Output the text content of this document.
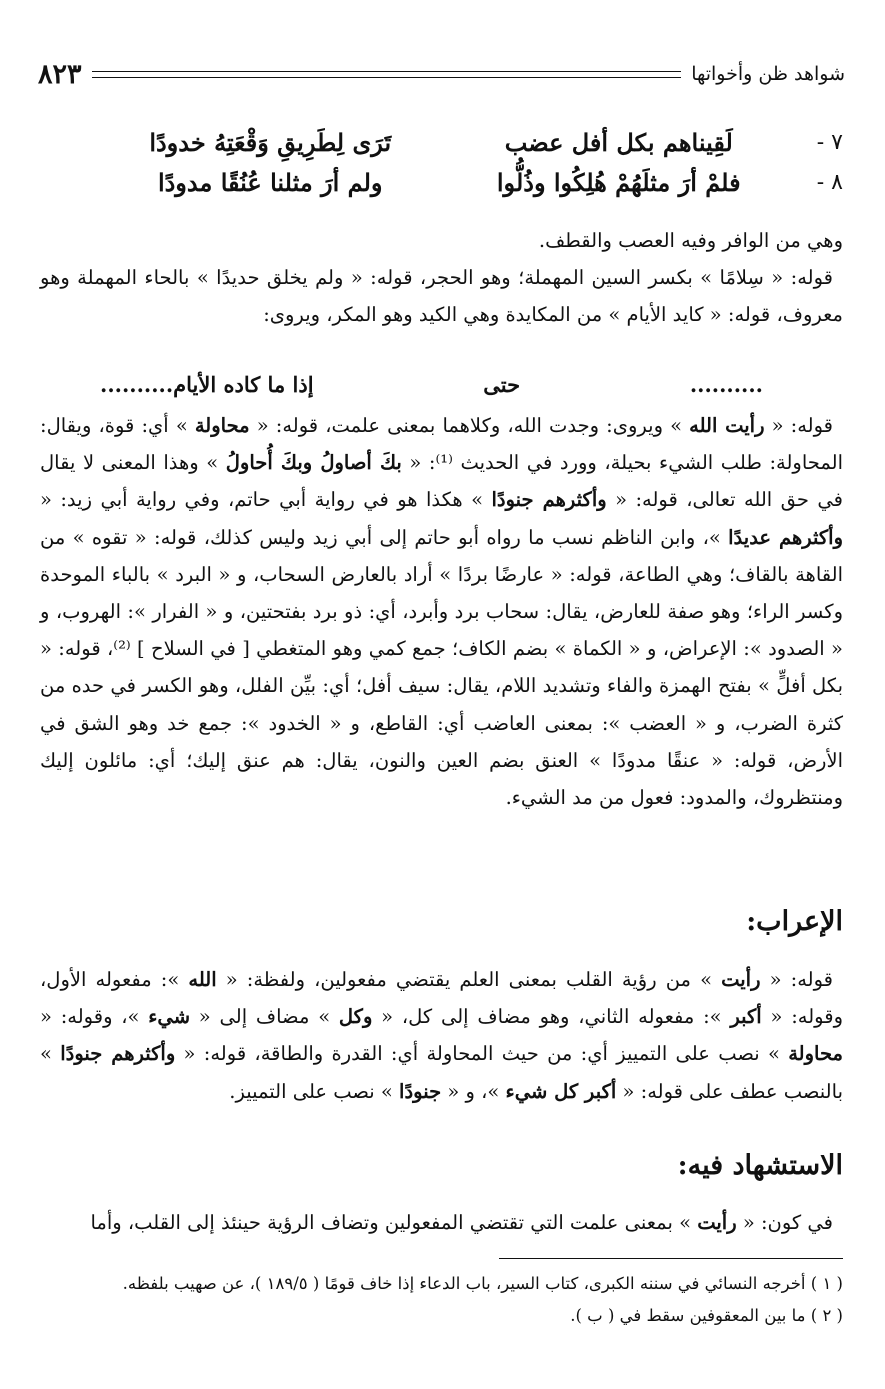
شواهد ظن وأخواتها
٨٢٣
٧ -
لَقِيناهم بكل أفل عضب
تَرَى لِطَرِيقِ وَقْعَتِهُ خدودًا
٨ -
فلمْ أرَ مثلَهُمْ هُلِكُوا وذُلُّوا
ولم أرَ مثلنا عُنُقًا مدودًا

وهي من الوافر وفيه العصب والقطف.

قوله: « سِلامًا » بكسر السين المهملة؛ وهو الحجر، قوله: « ولم يخلق حديدًا » بالحاء المهملة وهو معروف، قوله: « كايد الأيام » من المكايدة وهي الكيد وهو المكر، ويروى:

..........
حتى
إذا ما كاده الأيام..........

قوله: « رأيت الله » ويروى: وجدت الله، وكلاهما بمعنى علمت، قوله: « محاولة » أي: قوة، ويقال: المحاولة: طلب الشيء بحيلة، وورد في الحديث ⁽¹⁾: « بكَ أصاولُ وبكَ أُحاولُ » وهذا المعنى لا يقال في حق الله تعالى، قوله: « وأكثرهم جنودًا » هكذا هو في رواية أبي حاتم، وفي رواية أبي زيد: « وأكثرهم عديدًا »، وابن الناظم نسب ما رواه أبو حاتم إلى أبي زيد وليس كذلك، قوله: « تقوه » من القاهة بالقاف؛ وهي الطاعة، قوله: « عارضًا بردًا » أراد بالعارض السحاب، و « البرد » بالباء الموحدة وكسر الراء؛ وهو صفة للعارض، يقال: سحاب برد وأبرد، أي: ذو برد بفتحتين، و « الفرار »: الهروب، و « الصدود »: الإعراض، و « الكماة » بضم الكاف؛ جمع كمي وهو المتغطي [ في السلاح ] ⁽²⁾، قوله: « بكل أفلٍّ » بفتح الهمزة والفاء وتشديد اللام، يقال: سيف أفل؛ أي: بيِّن الفلل، وهو الكسر في حده من كثرة الضرب، و « العضب »: بمعنى العاضب أي: القاطع، و « الخدود »: جمع خد وهو الشق في الأرض، قوله: « عنقًا مدودًا » العنق بضم العين والنون، يقال: هم عنق إليك؛ أي: مائلون إليك ومنتظروك، والمدود: فعول من مد الشيء.

الإعراب:

قوله: « رأيت » من رؤية القلب بمعنى العلم يقتضي مفعولين، ولفظة: « الله »: مفعوله الأول، وقوله: « أكبر »: مفعوله الثاني، وهو مضاف إلى كل، « وكل » مضاف إلى « شيء »، وقوله: « محاولة » نصب على التمييز أي: من حيث المحاولة أي: القدرة والطاقة، قوله: « وأكثرهم جنودًا » بالنصب عطف على قوله: « أكبر كل شيء »، و « جنودًا » نصب على التمييز.

الاستشهاد فيه:

في كون: « رأيت » بمعنى علمت التي تقتضي المفعولين وتضاف الرؤية حينئذ إلى القلب، وأما

( ١ ) أخرجه النسائي في سننه الكبرى، كتاب السير، باب الدعاء إذا خاف قومًا ( ١٨٩/٥ )، عن صهيب بلفظه.

( ٢ ) ما بين المعقوفين سقط في ( ب ).
